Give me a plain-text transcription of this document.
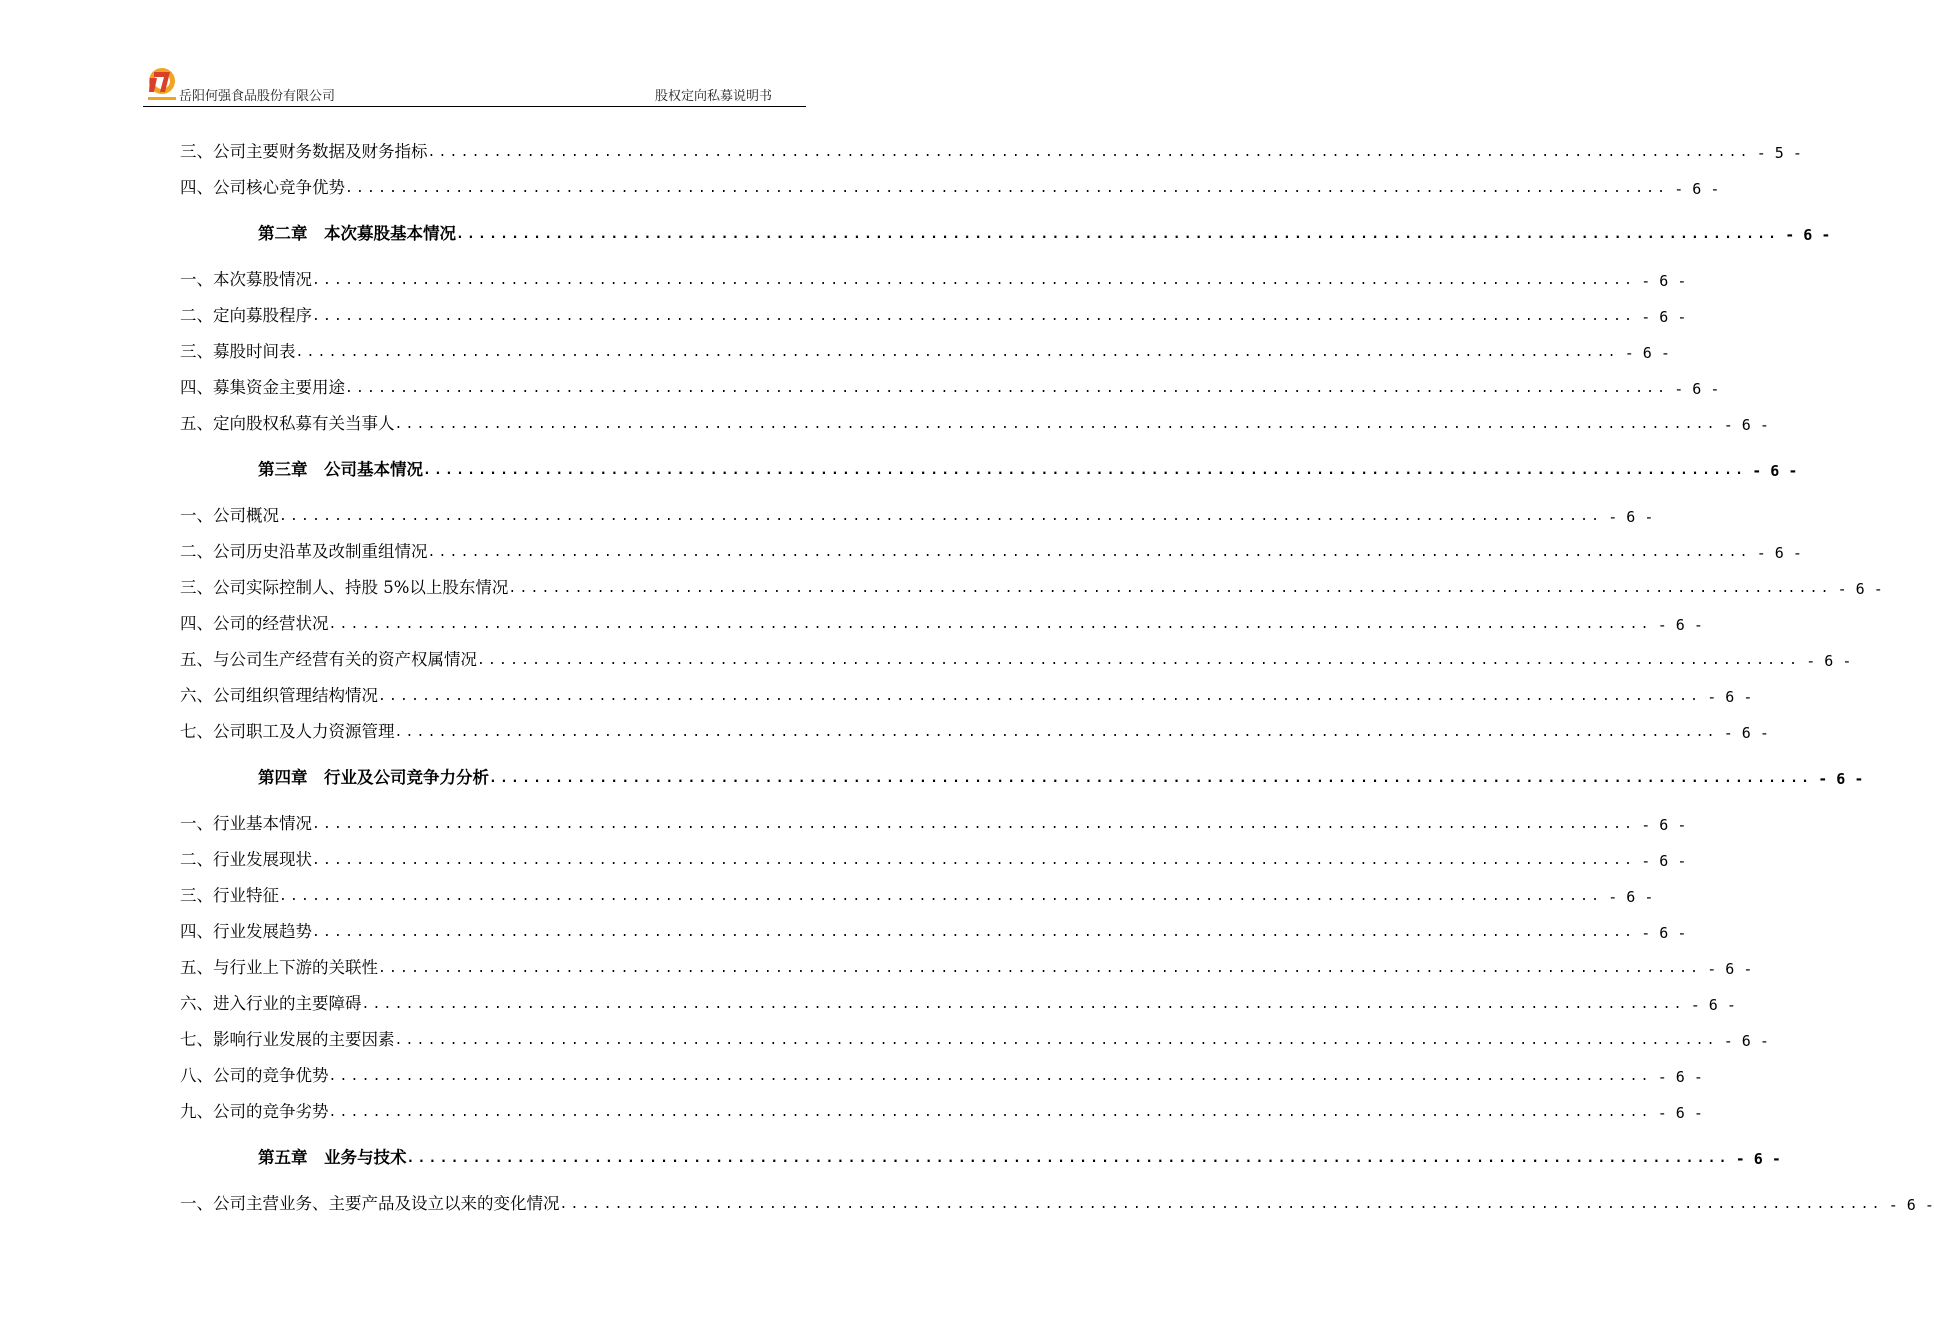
岳阳何强食品股份有限公司	股权定向私募说明书
三、公司主要财务数据及财务指标 ........................................................................................................................ - 5 -
四、公司核心竞争优势 ........................................................................................................................ - 6 -
第二章　本次募股基本情况 ........................................................................................................................ - 6 -
一、本次募股情况 ........................................................................................................................ - 6 -
二、定向募股程序 ........................................................................................................................ - 6 -
三、募股时间表 ........................................................................................................................ - 6 -
四、募集资金主要用途 ........................................................................................................................ - 6 -
五、定向股权私募有关当事人 ........................................................................................................................ - 6 -
第三章　公司基本情况 ........................................................................................................................ - 6 -
一、公司概况 ........................................................................................................................ - 6 -
二、公司历史沿革及改制重组情况 ........................................................................................................................ - 6 -
三、公司实际控制人、持股 5%以上股东情况 ........................................................................................................................ - 6 -
四、公司的经营状况 ........................................................................................................................ - 6 -
五、与公司生产经营有关的资产权属情况 ........................................................................................................................ - 6 -
六、公司组织管理结构情况 ........................................................................................................................ - 6 -
七、公司职工及人力资源管理 ........................................................................................................................ - 6 -
第四章　行业及公司竞争力分析 ........................................................................................................................ - 6 -
一、行业基本情况 ........................................................................................................................ - 6 -
二、行业发展现状 ........................................................................................................................ - 6 -
三、行业特征 ........................................................................................................................ - 6 -
四、行业发展趋势 ........................................................................................................................ - 6 -
五、与行业上下游的关联性 ........................................................................................................................ - 6 -
六、进入行业的主要障碍 ........................................................................................................................ - 6 -
七、影响行业发展的主要因素 ........................................................................................................................ - 6 -
八、公司的竞争优势 ........................................................................................................................ - 6 -
九、公司的竞争劣势 ........................................................................................................................ - 6 -
第五章　业务与技术 ........................................................................................................................ - 6 -
一、公司主营业务、主要产品及设立以来的变化情况 ........................................................................................................................ - 6 -
